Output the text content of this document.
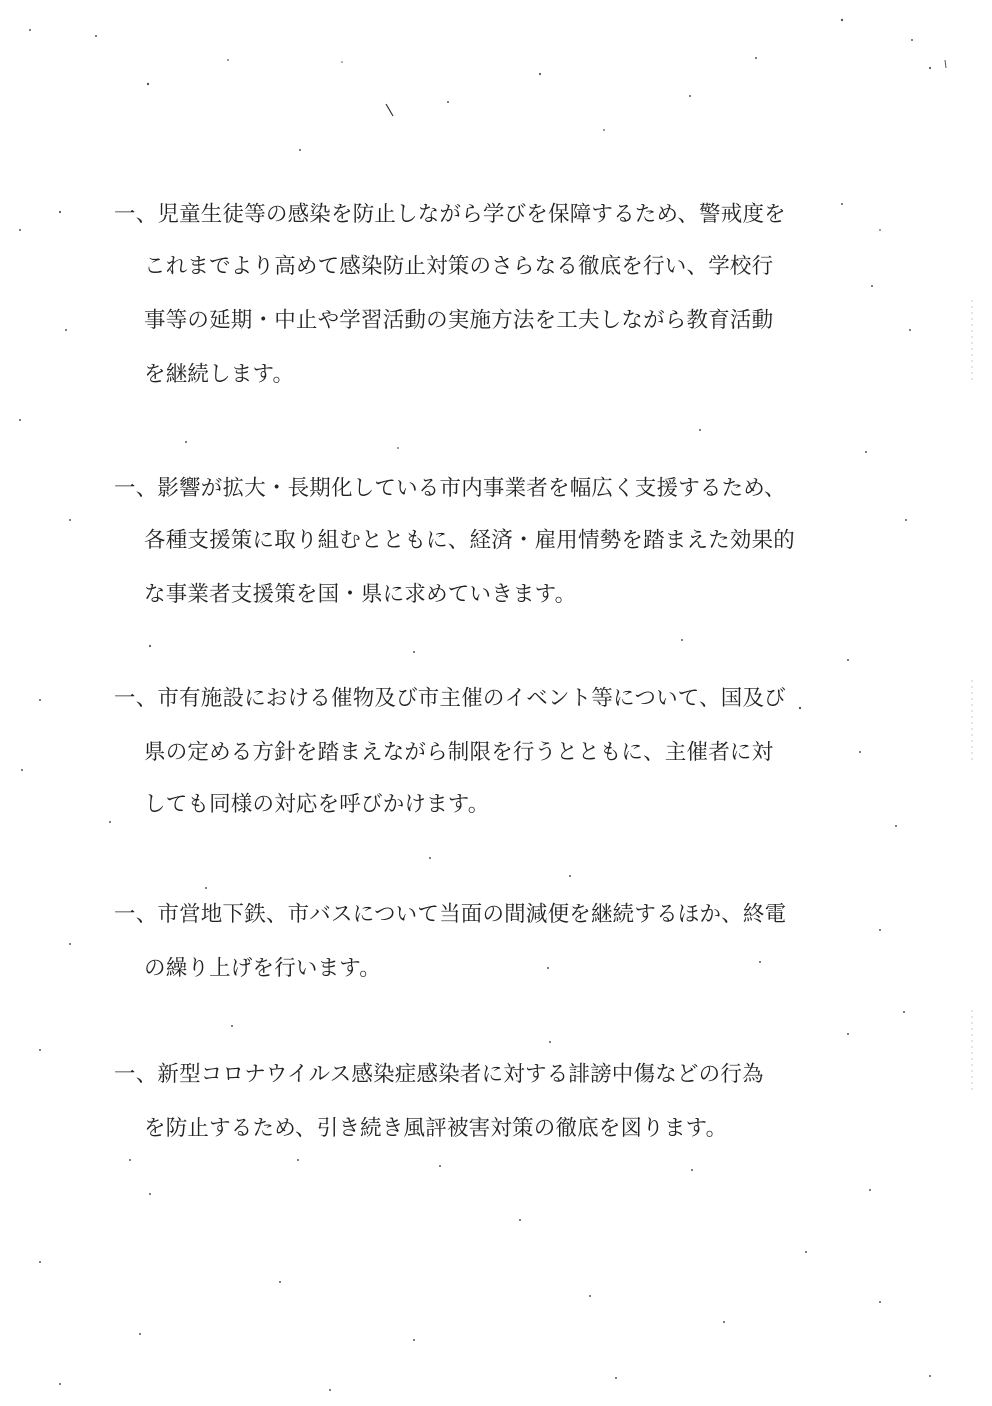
一、児童生徒等の感染を防止しながら学びを保障するため、警戒度を
これまでより高めて感染防止対策のさらなる徹底を行い、学校行
事等の延期・中止や学習活動の実施方法を工夫しながら教育活動
を継続します。
一、影響が拡大・長期化している市内事業者を幅広く支援するため、
各種支援策に取り組むとともに、経済・雇用情勢を踏まえた効果的
な事業者支援策を国・県に求めていきます。
一、市有施設における催物及び市主催のイベント等について、国及び
県の定める方針を踏まえながら制限を行うとともに、主催者に対
しても同様の対応を呼びかけます。
一、市営地下鉄、市バスについて当面の間減便を継続するほか、終電
の繰り上げを行います。
一、新型コロナウイルス感染症感染者に対する誹謗中傷などの行為
を防止するため、引き続き風評被害対策の徹底を図ります。
